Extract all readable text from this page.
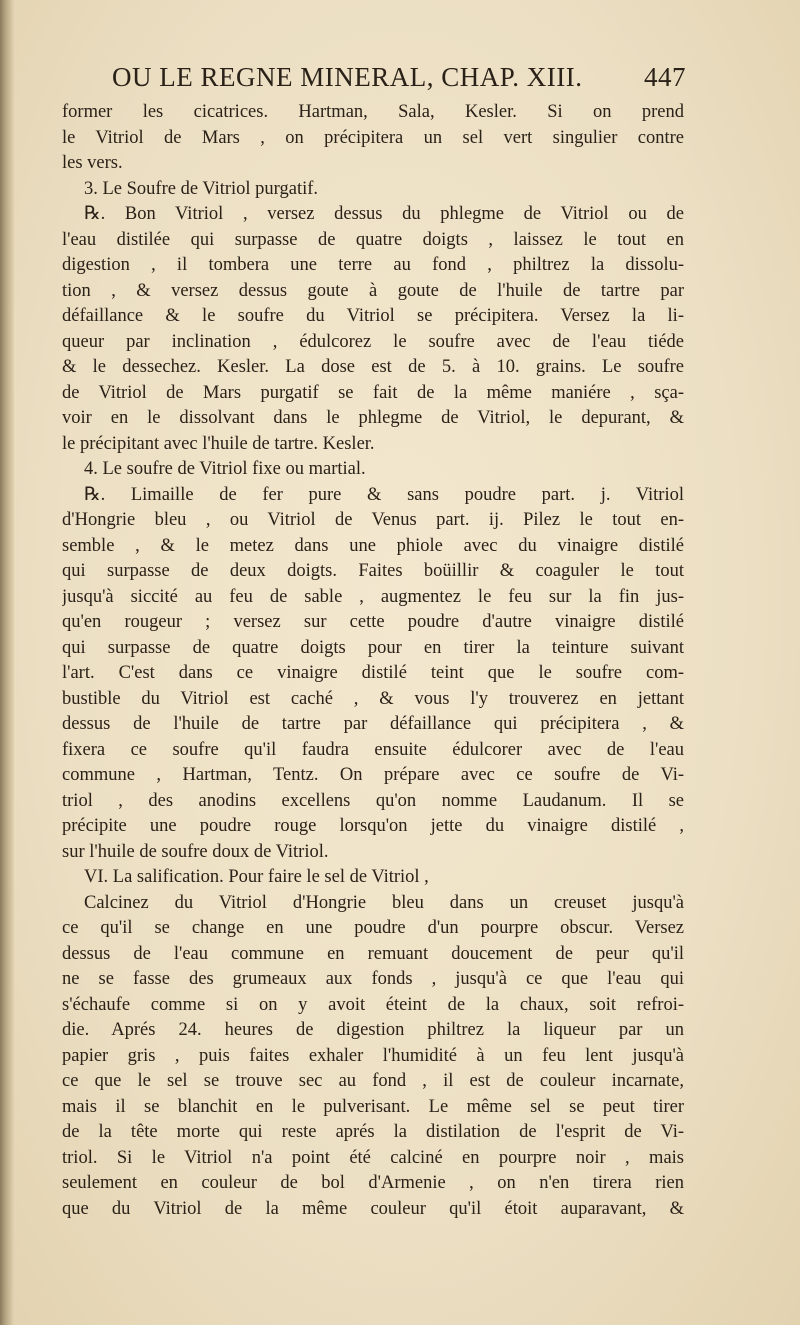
OU LE REGNE MINERAL, CHAP. XIII. 447
former les cicatrices. Hartman, Sala, Kesler. Si on prend
le Vitriol de Mars , on précipitera un sel vert singulier contre
les vers.
3. Le Soufre de Vitriol purgatif.
℞. Bon Vitriol , versez dessus du phlegme de Vitriol ou de
l'eau distilée qui surpasse de quatre doigts , laissez le tout en
digestion , il tombera une terre au fond , philtrez la dissolu-
tion , & versez dessus goute à goute de l'huile de tartre par
défaillance & le soufre du Vitriol se précipitera. Versez la li-
queur par inclination , édulcorez le soufre avec de l'eau tiéde
& le dessechez. Kesler. La dose est de 5. à 10. grains. Le soufre
de Vitriol de Mars purgatif se fait de la même maniére , sça-
voir en le dissolvant dans le phlegme de Vitriol, le depurant, &
le précipitant avec l'huile de tartre. Kesler.
4. Le soufre de Vitriol fixe ou martial.
℞. Limaille de fer pure & sans poudre part. j. Vitriol
d'Hongrie bleu , ou Vitriol de Venus part. ij. Pilez le tout en-
semble , & le metez dans une phiole avec du vinaigre distilé
qui surpasse de deux doigts. Faites boüillir & coaguler le tout
jusqu'à siccité au feu de sable , augmentez le feu sur la fin jus-
qu'en rougeur ; versez sur cette poudre d'autre vinaigre distilé
qui surpasse de quatre doigts pour en tirer la teinture suivant
l'art. C'est dans ce vinaigre distilé teint que le soufre com-
bustible du Vitriol est caché , & vous l'y trouverez en jettant
dessus de l'huile de tartre par défaillance qui précipitera , &
fixera ce soufre qu'il faudra ensuite édulcorer avec de l'eau
commune , Hartman, Tentz. On prépare avec ce soufre de Vi-
triol , des anodins excellens qu'on nomme Laudanum. Il se
précipite une poudre rouge lorsqu'on jette du vinaigre distilé ,
sur l'huile de soufre doux de Vitriol.
VI. La salification. Pour faire le sel de Vitriol ,
Calcinez du Vitriol d'Hongrie bleu dans un creuset jusqu'à
ce qu'il se change en une poudre d'un pourpre obscur. Versez
dessus de l'eau commune en remuant doucement de peur qu'il
ne se fasse des grumeaux aux fonds , jusqu'à ce que l'eau qui
s'échaufe comme si on y avoit éteint de la chaux, soit refroi-
die. Aprés 24. heures de digestion philtrez la liqueur par un
papier gris , puis faites exhaler l'humidité à un feu lent jusqu'à
ce que le sel se trouve sec au fond , il est de couleur incarnate,
mais il se blanchit en le pulverisant. Le même sel se peut tirer
de la tête morte qui reste aprés la distilation de l'esprit de Vi-
triol. Si le Vitriol n'a point été calciné en pourpre noir , mais
seulement en couleur de bol d'Armenie , on n'en tirera rien
que du Vitriol de la même couleur qu'il étoit auparavant, &
